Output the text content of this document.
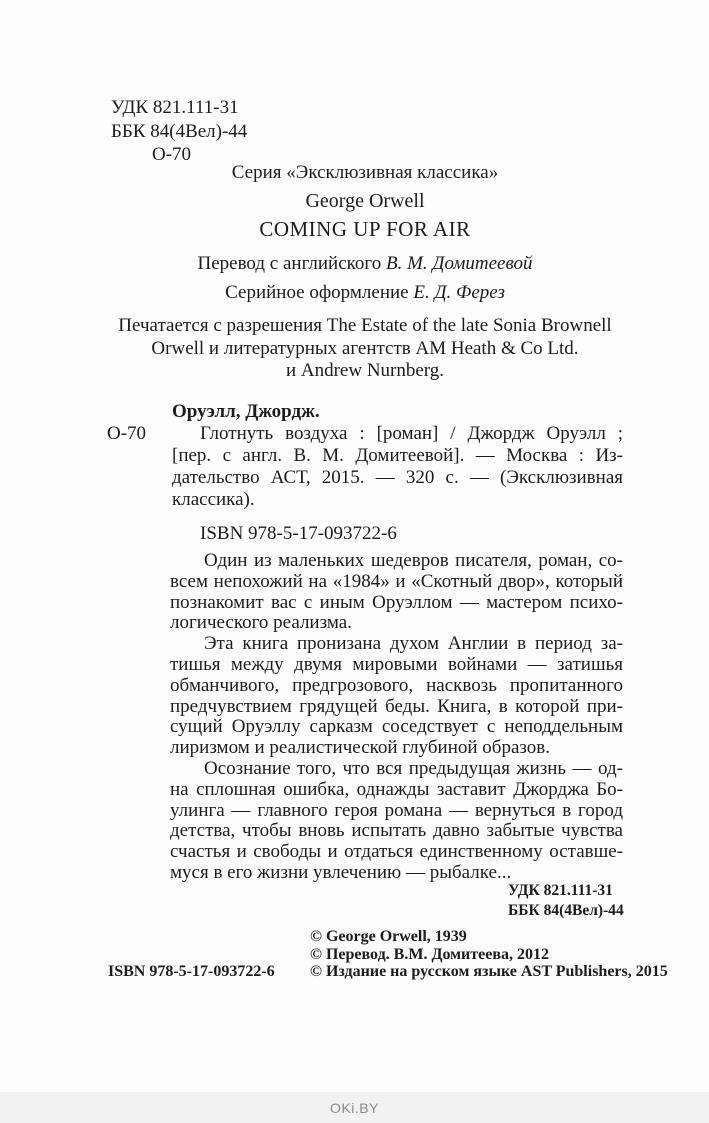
УДК 821.111-31
ББК 84(4Вел)-44
О-70
Серия «Эксклюзивная классика»
George Orwell
COMING UP FOR AIR
Перевод с английского В. М. Домитеевой
Серийное оформление Е. Д. Ферез
Печатается с разрешения The Estate of the late Sonia Brownell
Orwell и литературных агентств AM Heath & Co Ltd.
и Andrew Nurnberg.
О-70
Оруэлл, Джордж.
Глотнуть воздуха : [роман] / Джордж Оруэлл ;
[пер. с англ. В. М. Домитеевой]. — Москва : Из-
дательство АСТ, 2015. — 320 с. — (Эксклюзивная
классика).
ISBN 978-5-17-093722-6
Один из маленьких шедевров писателя, роман, со-
всем непохожий на «1984» и «Скотный двор», который
познакомит вас с иным Оруэллом — мастером психо-
логического реализма.
Эта книга пронизана духом Англии в период за-
тишья между двумя мировыми войнами — затишья
обманчивого, предгрозового, насквозь пропитанного
предчувствием грядущей беды. Книга, в которой при-
сущий Оруэллу сарказм соседствует с неподдельным
лиризмом и реалистической глубиной образов.
Осознание того, что вся предыдущая жизнь — од-
на сплошная ошибка, однажды заставит Джорджа Бо-
улинга — главного героя романа — вернуться в город
детства, чтобы вновь испытать давно забытые чувства
счастья и свободы и отдаться единственному оставше-
муся в его жизни увлечению — рыбалке...
УДК 821.111-31
ББК 84(4Вел)-44
© George Orwell, 1939
© Перевод. В.М. Домитеева, 2012
© Издание на русском языке AST Publishers, 2015
ISBN 978-5-17-093722-6
OKi.BY
